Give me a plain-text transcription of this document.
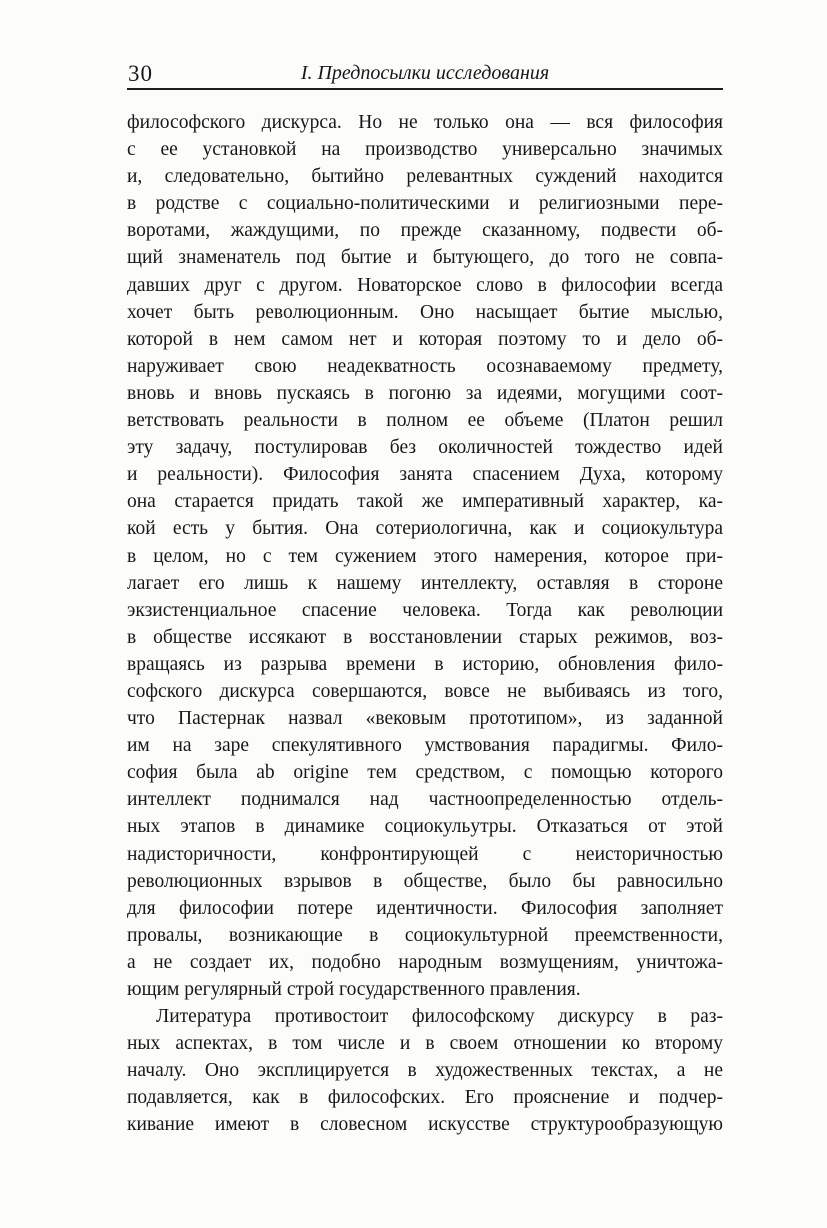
30	I. Предпосылки исследования
философского дискурса. Но не только она — вся философия
с ее установкой на производство универсально значимых
и, следовательно, бытийно релевантных суждений находится
в родстве с социально-политическими и религиозными пере-
воротами, жаждущими, по прежде сказанному, подвести об-
щий знаменатель под бытие и бытующего, до того не совпа-
давших друг с другом. Новаторское слово в философии всегда
хочет быть революционным. Оно насыщает бытие мыслью,
которой в нем самом нет и которая поэтому то и дело об-
наруживает свою неадекватность осознаваемому предмету,
вновь и вновь пускаясь в погоню за идеями, могущими соот-
ветствовать реальности в полном ее объеме (Платон решил
эту задачу, постулировав без околичностей тождество идей
и реальности). Философия занята спасением Духа, которому
она старается придать такой же императивный характер, ка-
кой есть у бытия. Она сотериологична, как и социокультура
в целом, но с тем сужением этого намерения, которое при-
лагает его лишь к нашему интеллекту, оставляя в стороне
экзистенциальное спасение человека. Тогда как революции
в обществе иссякают в восстановлении старых режимов, воз-
вращаясь из разрыва времени в историю, обновления фило-
софского дискурса совершаются, вовсе не выбиваясь из того,
что Пастернак назвал «вековым прототипом», из заданной
им на заре спекулятивного умствования парадигмы. Фило-
софия была ab origine тем средством, с помощью которого
интеллект поднимался над частноопределенностью отдель-
ных этапов в динамике социокульутры. Отказаться от этой
надисторичности, конфронтирующей с неисторичностью
революционных взрывов в обществе, было бы равносильно
для философии потере идентичности. Философия заполняет
провалы, возникающие в социокультурной преемственности,
а не создает их, подобно народным возмущениям, уничтожа-
ющим регулярный строй государственного правления.
Литература противостоит философскому дискурсу в раз-
ных аспектах, в том числе и в своем отношении ко второму
началу. Оно эксплицируется в художественных текстах, а не
подавляется, как в философских. Его прояснение и подчер-
кивание имеют в словесном искусстве структурообразующую
